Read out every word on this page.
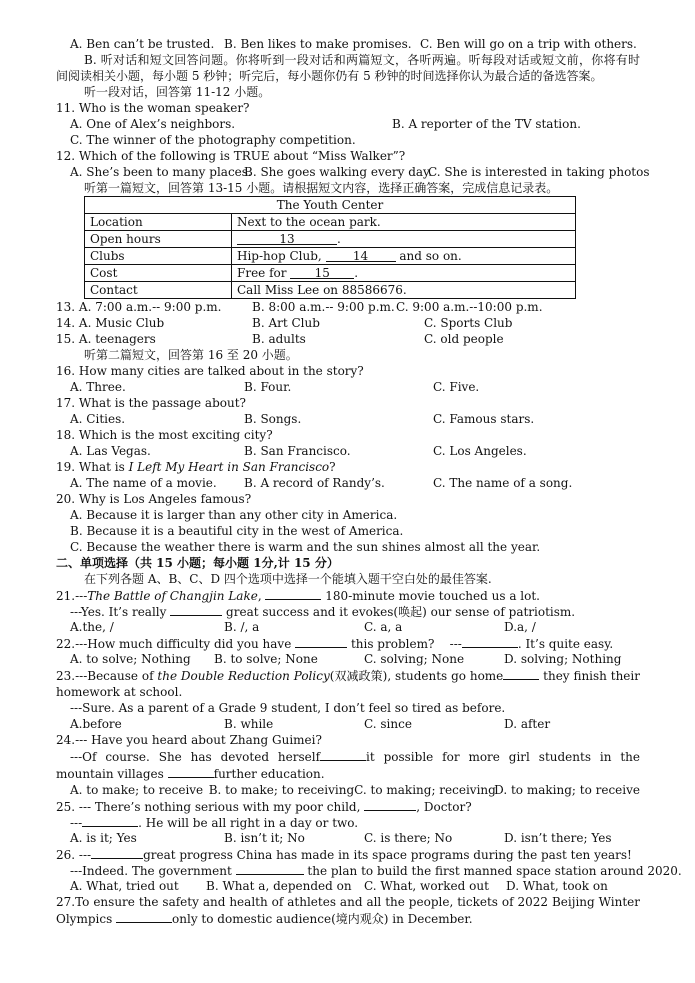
A. Ben can’t be trusted. B. Ben likes to make promises. C. Ben will go on a trip with others.
B. 听对话和短文回答问题。你将听到一段对话和两篇短文，各听两遍。听每段对话或短文前，你将有时间阅读相关小题，每小题 5 秒钟；听完后，每小题你仍有 5 秒钟的时间选择你认为最合适的备选答案。
听一段对话，回答第 11-12 小题。
11. Who is the woman speaker?
A. One of Alex’s neighbors.	B. A reporter of the TV station.
C. The winner of the photography competition.
12. Which of the following is TRUE about “Miss Walker”?
A. She’s been to many places.
B. She goes walking every day.
C. She is interested in taking photos
听第一篇短文，回答第 13-15 小题。请根据短文内容，选择正确答案，完成信息记录表。
The Youth Center	
Location	Next to the ocean park.
Open hours	13 .
Clubs	Hip-hop Club, 14 and so on.
Cost	Free for 15 .
Contact	Call Miss Lee on 88586676.
13. A. 7:00 a.m.-- 9:00 p.m.	B. 8:00 a.m.-- 9:00 p.m. C. 9:00 a.m.--10:00 p.m.
14. A. Music Club	B. Art Club	C. Sports Club
15. A. teenagers	B. adults	C. old people
听第二篇短文，回答第 16 至 20 小题。
16. How many cities are talked about in the story?
A. Three.	B. Four.	C. Five.
17. What is the passage about?
A. Cities.	B. Songs.	C. Famous stars.
18. Which is the most exciting city?
A. Las Vegas.	B. San Francisco.	C. Los Angeles.
19. What is I Left My Heart in San Francisco?
A. The name of a movie.	B. A record of Randy’s.	C. The name of a song.
20. Why is Los Angeles famous?
A. Because it is larger than any other city in America.
B. Because it is a beautiful city in the west of America.
C. Because the weather there is warm and the sun shines almost all the year.
二、单项选择（共 15 小题；每小题 1分,计 15 分）
在下列各题 A、B、C、D 四个选项中选择一个能填入题干空白处的最佳答案.
21.---The Battle of Changjin Lake,	180-minute movie touched us a lot.
---Yes. It’s really	great success and it evokes(唤起) our sense of patriotism.
A.the, /	B. /, a	C. a, a	D.a, /
22.---How much difficulty did you have	this problem?    ---	. It’s quite easy.
A. to solve; Nothing	B. to solve; None	C. solving; None	D. solving; Nothing
23.---Because of the Double Reduction Policy(双减政策), students go home	they finish their homework at school.
---Sure. As a parent of a Grade 9 student, I don’t feel so tired as before.
A.before	B. while	C. since	D. after
24.--- Have you heard about Zhang Guimei?
---Of course. She has devoted herself	it possible for more girl students in the mountain villages	further education.
A. to make; to receive B. to make; to receiving C. to making; receiving
D. to making; to receive
25. --- There’s nothing serious with my poor child,	, Doctor?
---	. He will be all right in a day or two.
A. is it; Yes	B. isn’t it; No	C. is there; No	D. isn’t there; Yes
26. ---	great progress China has made in its space programs during the past ten years!
---Indeed. The government	the plan to build the first manned space station around 2020.
A. What, tried out	B. What a, depended on	C. What, worked out	D. What, took on
27.To ensure the safety and health of athletes and all the people, tickets of 2022 Beijing Winter Olympics	only to domestic audience(境内观众) in December.
